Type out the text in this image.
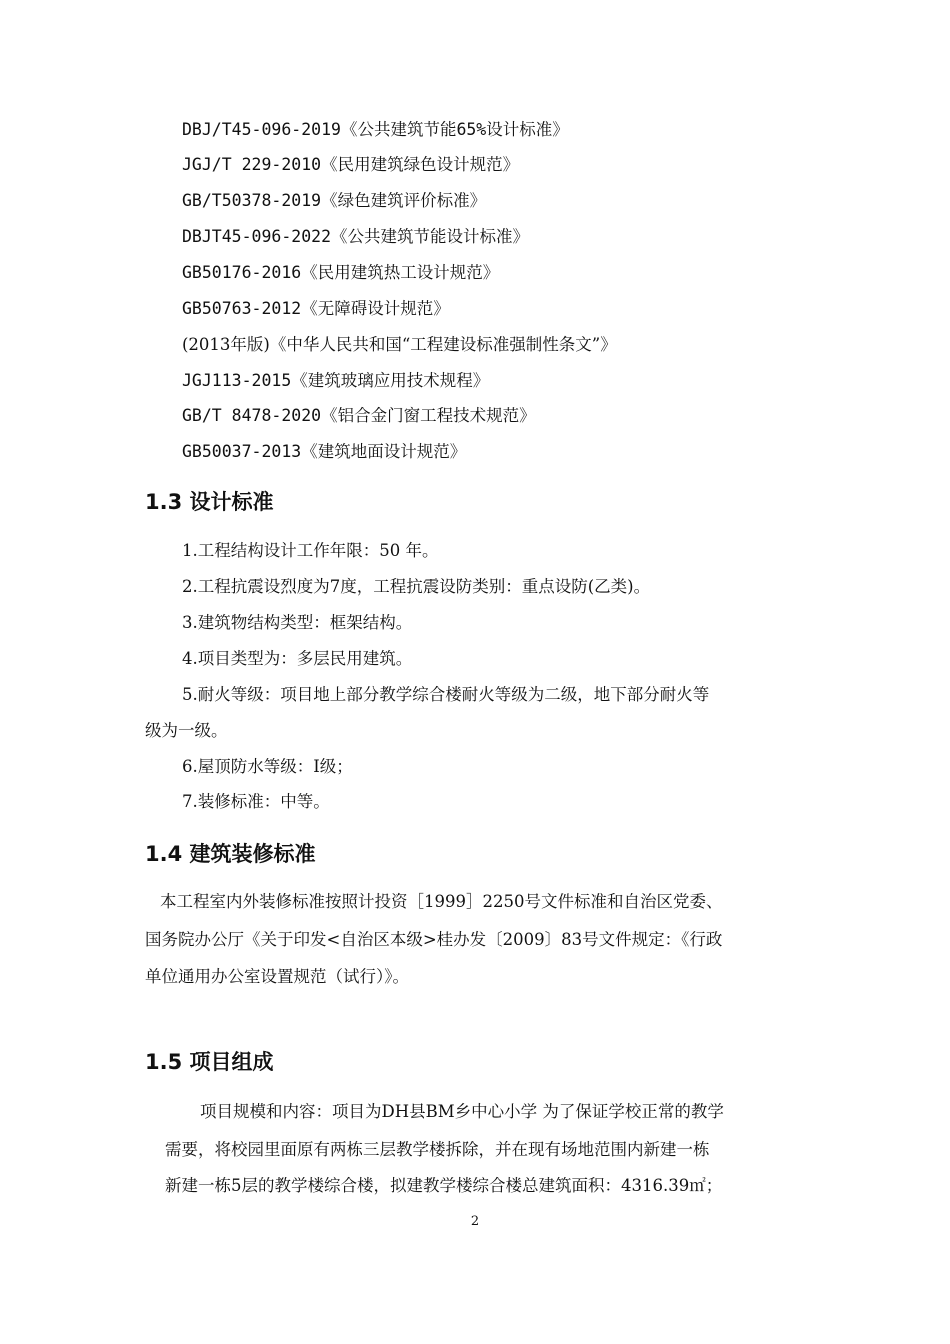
DBJ/T45-096-2019《公共建筑节能65%设计标准》
JGJ/T 229-2010《民用建筑绿色设计规范》
GB/T50378-2019《绿色建筑评价标准》
DBJT45-096-2022《公共建筑节能设计标准》
GB50176-2016《民用建筑热工设计规范》
GB50763-2012《无障碍设计规范》
(2013年版)《中华人民共和国“工程建设标准强制性条文”》
JGJ113-2015《建筑玻璃应用技术规程》
GB/T 8478-2020《铝合金门窗工程技术规范》
GB50037-2013《建筑地面设计规范》
1.3 设计标准
1.工程结构设计工作年限：50 年。
2.工程抗震设烈度为7度，工程抗震设防类别：重点设防(乙类)。
3.建筑物结构类型：框架结构。
4.项目类型为：多层民用建筑。
5.耐火等级：项目地上部分教学综合楼耐火等级为二级，地下部分耐火等
级为一级。
6.屋顶防水等级：Ⅰ级；
7.装修标准：中等。
1.4 建筑装修标准
本工程室内外装修标准按照计投资［1999］2250号文件标准和自治区党委、
国务院办公厅《关于印发<自治区本级>桂办发〔2009〕83号文件规定：《行政
单位通用办公室设置规范（试行）》。
1.5 项目组成
项目规模和内容：项目为DH县BM乡中心小学 为了保证学校正常的教学
需要，将校园里面原有两栋三层教学楼拆除，并在现有场地范围内新建一栋
新建一栋5层的教学楼综合楼，拟建教学楼综合楼总建筑面积：4316.39㎡；
2
